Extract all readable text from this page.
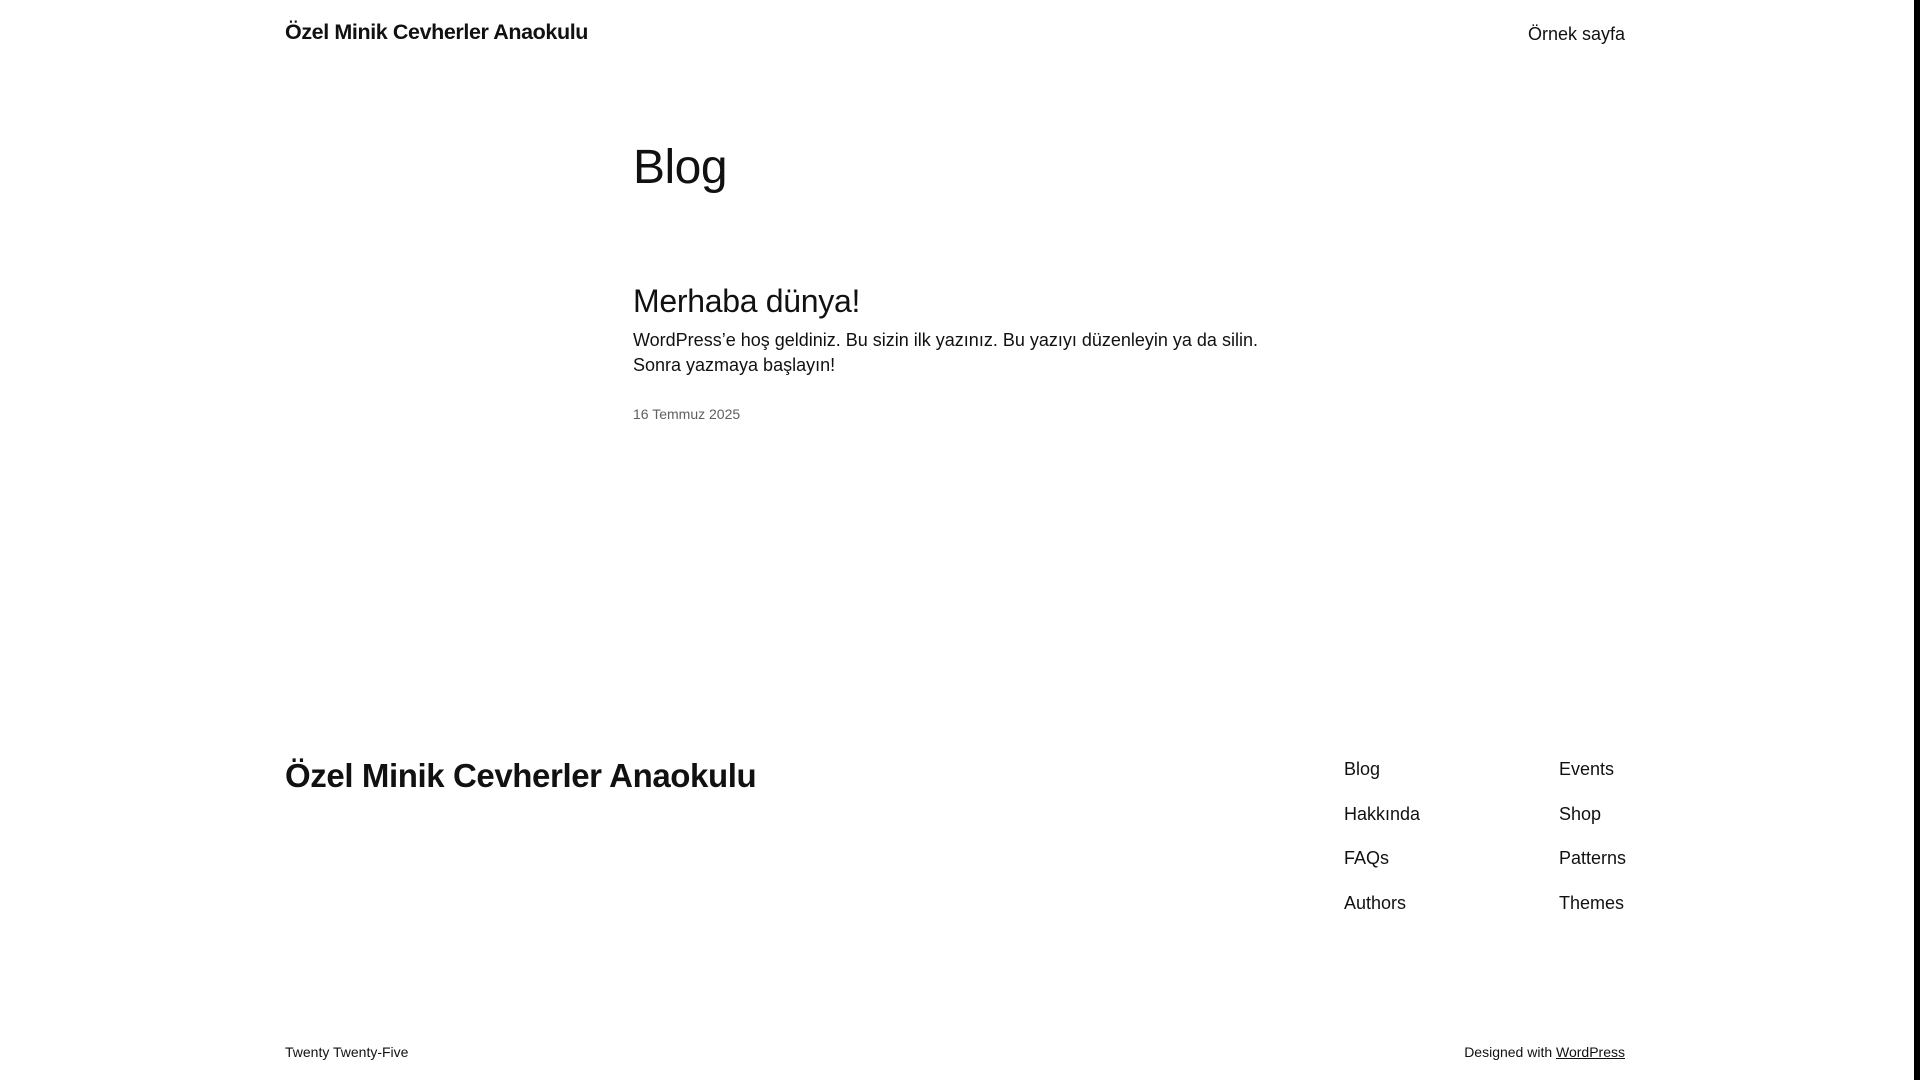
Özel Minik Cevherler Anaokulu	Örnek sayfa
Blog
Merhaba dünya!

WordPress’e hoş geldiniz. Bu sizin ilk yazınız. Bu yazıyı düzenleyin ya da silin. Sonra yazmaya başlayın!

16 Temmuz 2025
Özel Minik Cevherler Anaokulu	Blog
Hakkında
FAQs
Authors
Events
Shop
Patterns
Themes
Twenty Twenty-Five	Designed with WordPress
